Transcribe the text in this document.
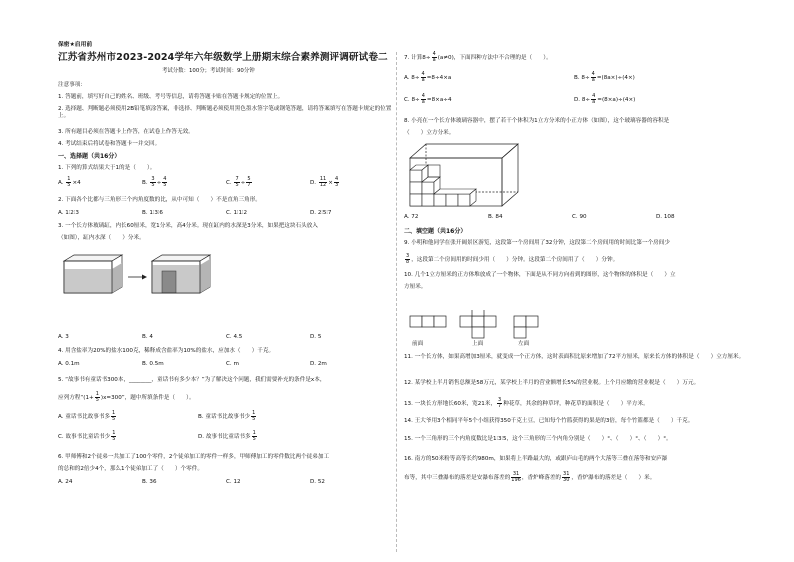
保密★启用前
江苏省苏州市2023-2024学年六年级数学上册期末综合素养测评调研试卷二
考试分数：100分；考试时间：90分钟
注意事项：
1. 答题前，填写好自己的姓名、班级、考号等信息，请将答题卡贴在答题卡规定的位置上。
2. 选择题、判断题必须使用2B铅笔填涂答案，非选择、判断题必须使用黑色墨水签字笔或钢笔答题，请将答案填写在答题卡规定的位置上。
3. 所有题目必须在答题卡上作答，在试卷上作答无效。
4. 考试结束后将试卷和答题卡一并交回。
一、选择题（共16分）
1. 下列的算式结果大于1的是（　　）。
A. $\frac{1}{5} \times 4$	B. $\frac{3}{5} \div \frac{4}{5}$	C. $\frac{7}{5} \div \frac{5}{7}$	D. $\frac{11}{12} \times \frac{4}{3}$
2. 下面各个比都与三角形三个内角度数的比，从中可知（　　）不是直角三角形。
A. 1∶2∶3	B. 1∶3∶6	C. 1∶1∶2	D. 2∶5∶7
3. 一个长方体玻璃缸，内长60厘米，宽1分米，高4分米。现在缸内的水深是3分米，如果把这块石头放入
（如图），缸内水深（　　）分米。
A. 3	B. 4	C. 4.5	D. 5
4. 用含盐率为20%的盐水100克，稀释成含盐率为10%的盐水，应加水（　　）千克。
A. 0.1m	B. 0.5m	C. m	D. 2m
5. “故事书有童话书300本，________，童话书有多少本？”为了解决这个问题，我们需要补充的条件是x本，
应列方程“$(1+ \frac{1}{5} )x=300$”，题中所填条件是（　　）。
A. 童话书比故事书多 $\frac{1}{5}$	B. 童话书比故事书少 $\frac{1}{5}$
C. 故事书比童话书少 $\frac{1}{5}$	D. 故事书比童话书多 $\frac{1}{5}$
6. 甲师傅和2个徒弟一共加工了100个零件，2个徒弟加工的零件一样多，甲师傅加工的零件数比两个徒弟加工
的总和的2倍少4个，那么1个徒弟加工了（　　）个零件。
A. 24	B. 36	C. 12	D. 52
7. 计算$8\div \frac{4}{a} (a\ne 0)$，下面四种方法中不合理的是（　　）。
A. $8\div \frac{4}{a} =8\div 4\times a$	B. $8\div \frac{4}{a} =(8a\times)\div(4\times)$
C. $8\div \frac{4}{a} =8\times a\div 4$	D. $8\div \frac{4}{a} =(8\times a)\div(4\times)$
8. 小亮在一个长方体玻璃容器中，摆了若干个体积为1立方分米的小正方体（如图），这个玻璃容器的容积是
（　　）立方分米。
A. 72	B. 84	C. 90	D. 108
二、填空题（共16分）
9. 小明和他同学在张开阔景区游览，这段第一个房间用了32分钟，这段第二个房间用的时间比第一个房间少
$\frac{3}{8}$ ，这段第二个房间用的时间少用（　　）分钟。这段第二个房间用了（　　）分钟。
10. 几个1立方厘米的正方体堆放成了一个物体，下面是从不同方向看到的图形，这个物体的体积是（　　）立
方厘米。
前面	上面	左面
11. 一个长方体，如果高增加3厘米，就变成一个正方体，这时表面积比原来增加了72平方厘米，原来长方体的体积是（　　）立方厘米。
12. 某学校上半月销售总额是58万元，某学校上半月的营业额增长5%的营业税。上个月应缴的营业税是（　　）万元。
13. 一块长方形地长60米，宽21米， $\frac{3}{7}$ 种花草，其余的种草坪，种花草的面积是（　　）平方米。
14. 王大爷用3个相同平年5个小组获得350千克土豆，已知每个竹篮获得的果是的3倍，每个竹篮都是（　　）千克。
15. 一个三角形的三个内角度数比是1∶3∶5，这个三角形的三个内角分别是（　　）°、（　　）°、（　　）°。
16. 南方的50米粉等高等长约980m，如果将上半路最大的，或跟庐山毛的两个大落等三叠在落等和安庐瀑
布等，其中三叠瀑布的落差是安瀑布落差的 $\frac{31}{196}$ ，香炉峰落差的 $\frac{31}{30}$ ，香炉瀑布的落差是（　　）米。
